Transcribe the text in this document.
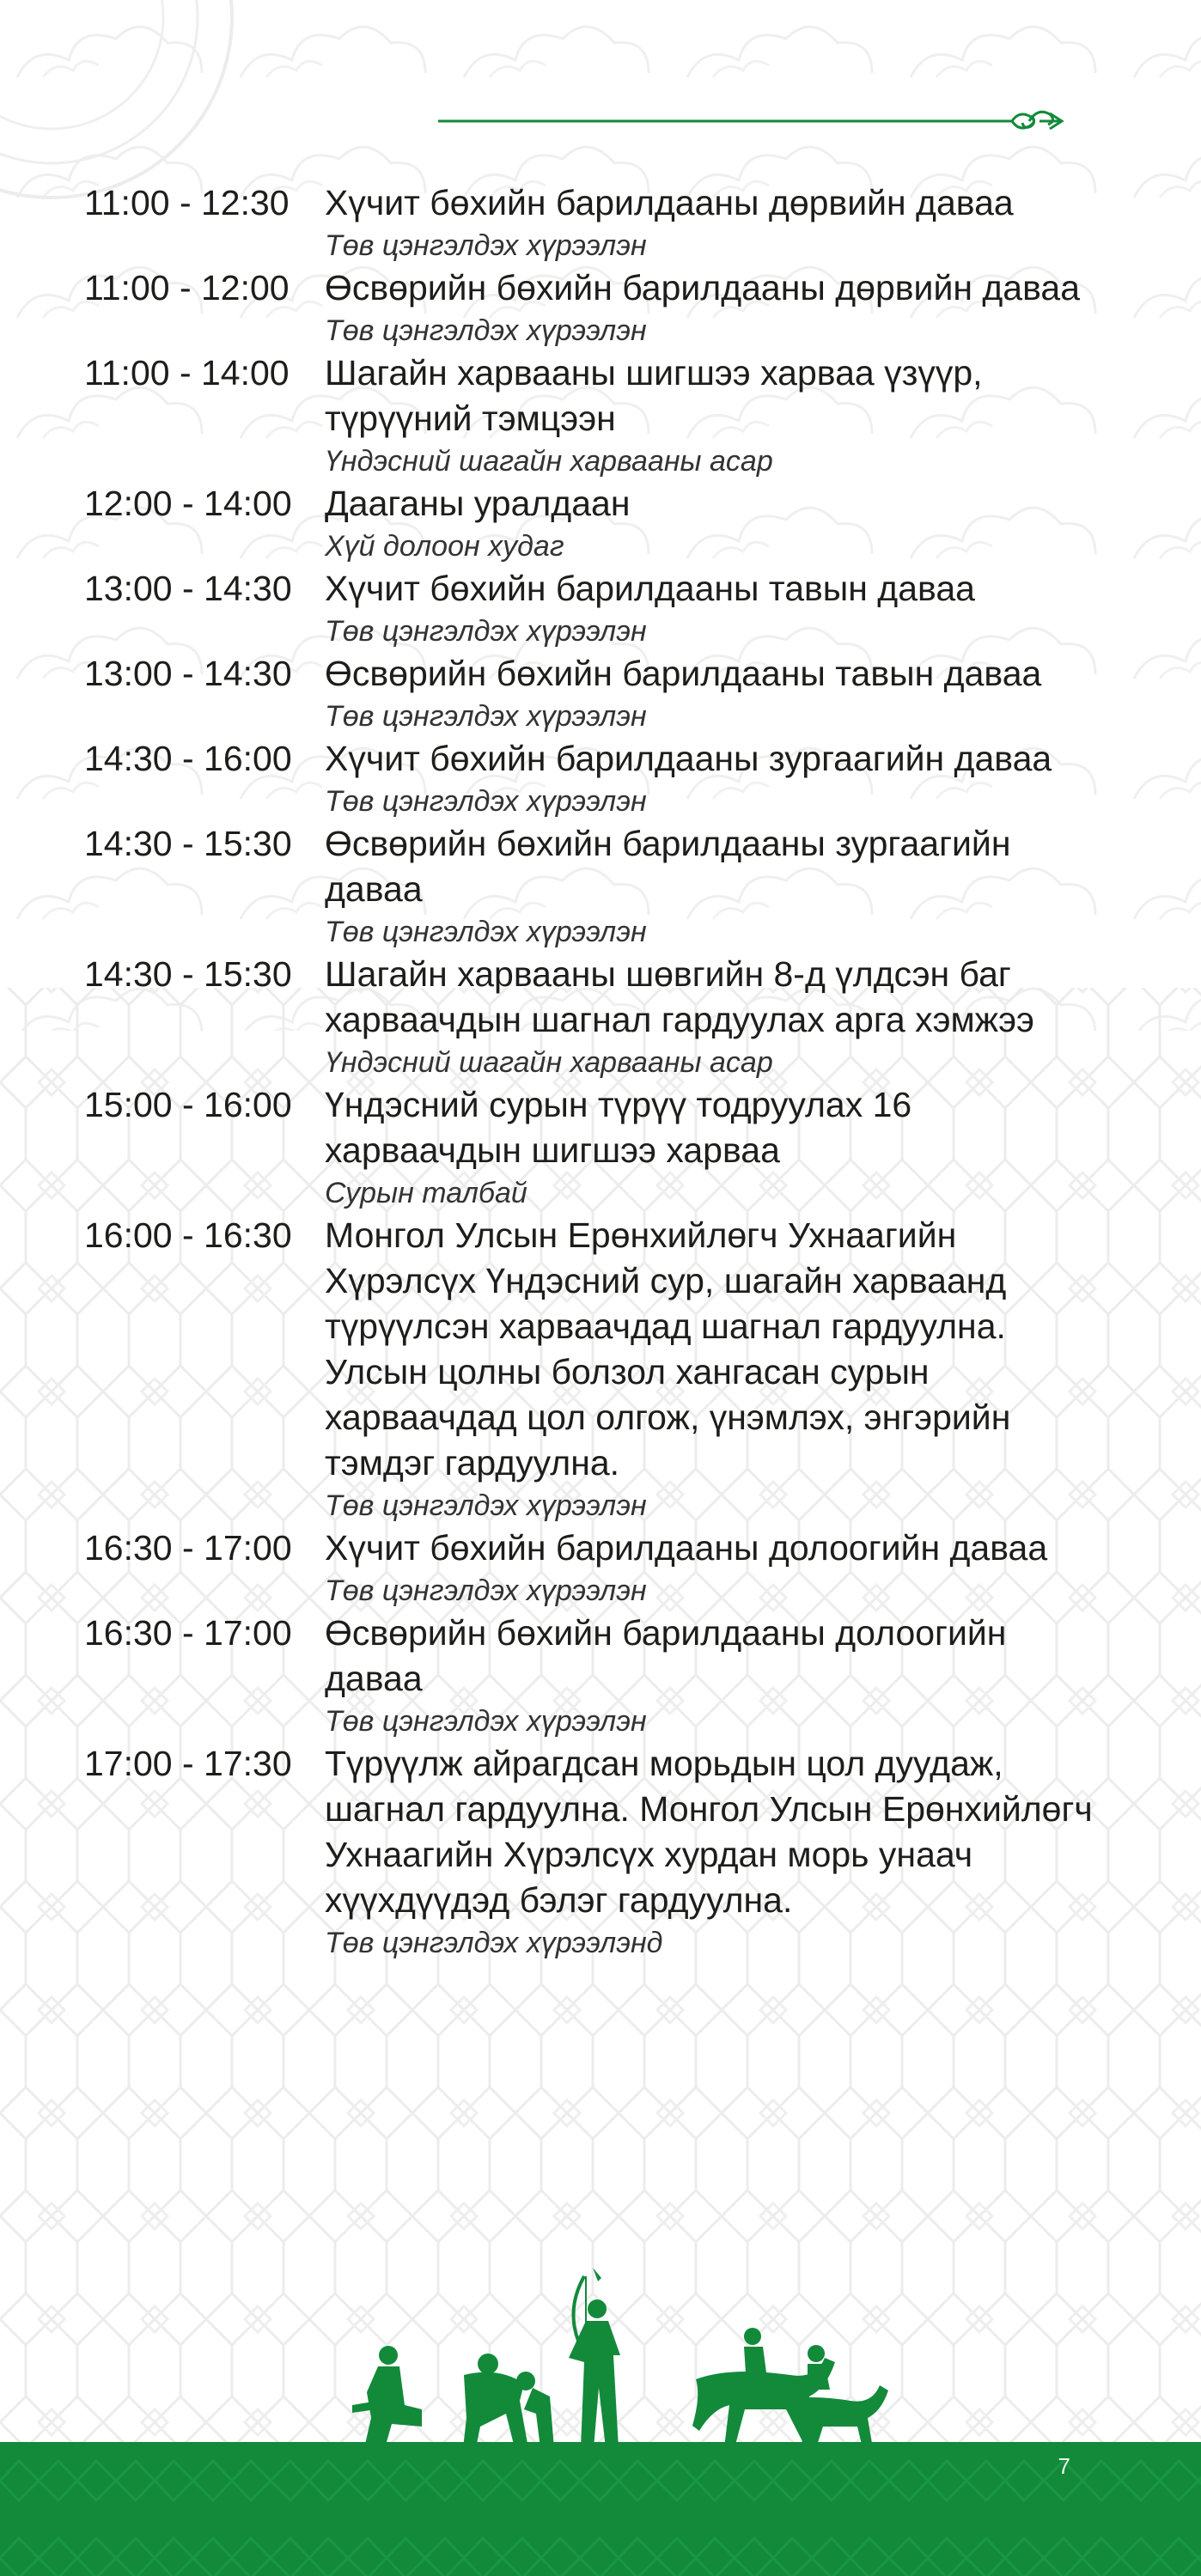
11:00 - 12:30	Хүчит бөхийн барилдааны дөрвийн даваа
Төв цэнгэлдэх хүрээлэн
11:00 - 12:00	Өсвөрийн бөхийн барилдааны дөрвийн даваа
Төв цэнгэлдэх хүрээлэн
11:00 - 14:00	Шагайн харвааны шигшээ харваа үзүүр, түрүүний тэмцээн
Үндэсний шагайн харвааны асар
12:00 - 14:00 Дааганы уралдаан
Хүй долоон худаг
13:00 - 14:30 Хүчит бөхийн барилдааны тавын даваа
Төв цэнгэлдэх хүрээлэн
13:00 - 14:30 Өсвөрийн бөхийн барилдааны тавын даваа
Төв цэнгэлдэх хүрээлэн
14:30 - 16:00 Хүчит бөхийн барилдааны зургаагийн даваа
Төв цэнгэлдэх хүрээлэн
14:30 - 15:30 Өсвөрийн бөхийн барилдааны зургаагийн даваа
Төв цэнгэлдэх хүрээлэн
14:30 - 15:30 Шагайн харвааны шөвгийн 8-д үлдсэн баг харваачдын шагнал гардуулах арга хэмжээ
Үндэсний шагайн харвааны асар
15:00 - 16:00 Үндэсний сурын түрүү тодруулах 16 харваачдын шигшээ харваа
Сурын талбай
16:00 - 16:30 Монгол Улсын Ерөнхийлөгч Ухнаагийн Хүрэлсүх Үндэсний сур, шагайн харваанд түрүүлсэн харваачдад шагнал гардуулна. Улсын цолны болзол хангасан сурын харваачдад цол олгож, үнэмлэх, энгэрийн тэмдэг гардуулна.
Төв цэнгэлдэх хүрээлэн
16:30 - 17:00 Хүчит бөхийн барилдааны долоогийн даваа
Төв цэнгэлдэх хүрээлэн
16:30 - 17:00 Өсвөрийн бөхийн барилдааны долоогийн даваа
Төв цэнгэлдэх хүрээлэн
17:00 - 17:30 Түрүүлж айрагдсан морьдын цол дуудаж, шагнал гардуулна. Монгол Улсын Ерөнхийлөгч Ухнаагийн Хүрэлсүх хурдан морь унаач хүүхдүүдэд бэлэг гардуулна.
Төв цэнгэлдэх хүрээлэнд
7
